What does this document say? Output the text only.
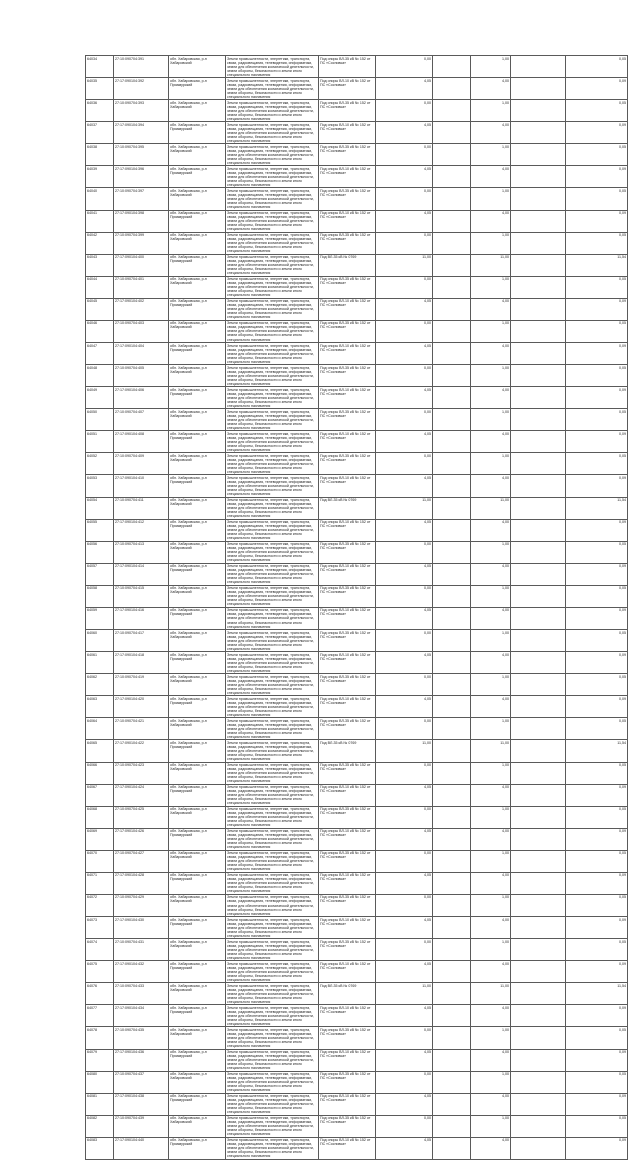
64034	27:10:090704:391	обл. Хабаровская, р-н Хабаровский	Земли промышленности, энергетики, транспорта, связи, радиовещания, телевидения, информатики, земли для обеспечения космической деятельности, земли обороны, безопасности и земли иного специального назначения	Под опоры ВЛ-35 кВ № 152 от ПС «Сосновка»	0,00		1,00		0,05
64035	27:17:090104:392	обл. Хабаровская, р-н Приамурский	Земли промышленности, энергетики, транспорта, связи, радиовещания, телевидения, информатики, земли для обеспечения космической деятельности, земли обороны, безопасности и земли иного специального назначения	Под опоры ВЛ-10 кВ № 152 от ПС «Сосновка»	4,05		4,00		0,09
64036	27:10:090704:393	обл. Хабаровская, р-н Хабаровский	Земли промышленности, энергетики, транспорта, связи, радиовещания, телевидения, информатики, земли для обеспечения космической деятельности, земли обороны, безопасности и земли иного специального назначения	Под опоры ВЛ-35 кВ № 152 от ПС «Сосновка»	0,00		1,00		0,05
64037	27:17:090104:394	обл. Хабаровская, р-н Приамурский	Земли промышленности, энергетики, транспорта, связи, радиовещания, телевидения, информатики, земли для обеспечения космической деятельности, земли обороны, безопасности и земли иного специального назначения	Под опоры ВЛ-10 кВ № 152 от ПС «Сосновка»	4,05		4,00		0,09
64038	27:10:090704:395	обл. Хабаровская, р-н Хабаровский	Земли промышленности, энергетики, транспорта, связи, радиовещания, телевидения, информатики, земли для обеспечения космической деятельности, земли обороны, безопасности и земли иного специального назначения	Под опоры ВЛ-35 кВ № 152 от ПС «Сосновка»	0,00		1,00		0,05
64039	27:17:090104:396	обл. Хабаровская, р-н Приамурский	Земли промышленности, энергетики, транспорта, связи, радиовещания, телевидения, информатики, земли для обеспечения космической деятельности, земли обороны, безопасности и земли иного специального назначения	Под опоры ВЛ-10 кВ № 152 от ПС «Сосновка»	4,05		4,00		0,09
64040	27:10:090704:397	обл. Хабаровская, р-н Хабаровский	Земли промышленности, энергетики, транспорта, связи, радиовещания, телевидения, информатики, земли для обеспечения космической деятельности, земли обороны, безопасности и земли иного специального назначения	Под опоры ВЛ-35 кВ № 152 от ПС «Сосновка»	0,00		1,00		0,05
64041	27:17:090104:398	обл. Хабаровская, р-н Приамурский	Земли промышленности, энергетики, транспорта, связи, радиовещания, телевидения, информатики, земли для обеспечения космической деятельности, земли обороны, безопасности и земли иного специального назначения	Под опоры ВЛ-10 кВ № 152 от ПС «Сосновка»	4,05		4,00		0,09
64042	27:10:090704:399	обл. Хабаровская, р-н Хабаровский	Земли промышленности, энергетики, транспорта, связи, радиовещания, телевидения, информатики, земли для обеспечения космической деятельности, земли обороны, безопасности и земли иного специального назначения	Под опоры ВЛ-35 кВ № 152 от ПС «Сосновка»	0,00		1,00		0,05
64043	27:17:090104:400	обл. Хабаровская, р-н Приамурский	Земли промышленности, энергетики, транспорта, связи, радиовещания, телевидения, информатики, земли для обеспечения космической деятельности, земли обороны, безопасности и земли иного специального назначения	Под ВЛ-35 кВ № 0769	11,00		11,00		11,54
64044	27:10:090704:401	обл. Хабаровская, р-н Хабаровский	Земли промышленности, энергетики, транспорта, связи, радиовещания, телевидения, информатики, земли для обеспечения космической деятельности, земли обороны, безопасности и земли иного специального назначения	Под опоры ВЛ-35 кВ № 152 от ПС «Сосновка»	0,00		1,00		0,05
64045	27:17:090104:402	обл. Хабаровская, р-н Приамурский	Земли промышленности, энергетики, транспорта, связи, радиовещания, телевидения, информатики, земли для обеспечения космической деятельности, земли обороны, безопасности и земли иного специального назначения	Под опоры ВЛ-10 кВ № 152 от ПС «Сосновка»	4,05		4,00		0,09
64046	27:10:090704:403	обл. Хабаровская, р-н Хабаровский	Земли промышленности, энергетики, транспорта, связи, радиовещания, телевидения, информатики, земли для обеспечения космической деятельности, земли обороны, безопасности и земли иного специального назначения	Под опоры ВЛ-35 кВ № 152 от ПС «Сосновка»	0,00		1,00		0,05
64047	27:17:090104:404	обл. Хабаровская, р-н Приамурский	Земли промышленности, энергетики, транспорта, связи, радиовещания, телевидения, информатики, земли для обеспечения космической деятельности, земли обороны, безопасности и земли иного специального назначения	Под опоры ВЛ-10 кВ № 152 от ПС «Сосновка»	4,05		4,00		0,09
64048	27:10:090704:405	обл. Хабаровская, р-н Хабаровский	Земли промышленности, энергетики, транспорта, связи, радиовещания, телевидения, информатики, земли для обеспечения космической деятельности, земли обороны, безопасности и земли иного специального назначения	Под опоры ВЛ-35 кВ № 152 от ПС «Сосновка»	0,00		1,00		0,05
64049	27:17:090104:406	обл. Хабаровская, р-н Приамурский	Земли промышленности, энергетики, транспорта, связи, радиовещания, телевидения, информатики, земли для обеспечения космической деятельности, земли обороны, безопасности и земли иного специального назначения	Под опоры ВЛ-10 кВ № 152 от ПС «Сосновка»	4,05		4,00		0,09
64050	27:10:090704:407	обл. Хабаровская, р-н Хабаровский	Земли промышленности, энергетики, транспорта, связи, радиовещания, телевидения, информатики, земли для обеспечения космической деятельности, земли обороны, безопасности и земли иного специального назначения	Под опоры ВЛ-35 кВ № 152 от ПС «Сосновка»	0,00		1,00		0,05
64051	27:17:090104:408	обл. Хабаровская, р-н Приамурский	Земли промышленности, энергетики, транспорта, связи, радиовещания, телевидения, информатики, земли для обеспечения космической деятельности, земли обороны, безопасности и земли иного специального назначения	Под опоры ВЛ-10 кВ № 152 от ПС «Сосновка»	4,05		4,00		0,09
64052	27:10:090704:409	обл. Хабаровская, р-н Хабаровский	Земли промышленности, энергетики, транспорта, связи, радиовещания, телевидения, информатики, земли для обеспечения космической деятельности, земли обороны, безопасности и земли иного специального назначения	Под опоры ВЛ-35 кВ № 152 от ПС «Сосновка»	0,00		1,00		0,05
64053	27:17:090104:410	обл. Хабаровская, р-н Приамурский	Земли промышленности, энергетики, транспорта, связи, радиовещания, телевидения, информатики, земли для обеспечения космической деятельности, земли обороны, безопасности и земли иного специального назначения	Под опоры ВЛ-10 кВ № 152 от ПС «Сосновка»	4,05		4,00		0,09
64054	27:10:090704:411	обл. Хабаровская, р-н Хабаровский	Земли промышленности, энергетики, транспорта, связи, радиовещания, телевидения, информатики, земли для обеспечения космической деятельности, земли обороны, безопасности и земли иного специального назначения	Под ВЛ-35 кВ № 0769	11,00		11,00		11,54
64055	27:17:090104:412	обл. Хабаровская, р-н Приамурский	Земли промышленности, энергетики, транспорта, связи, радиовещания, телевидения, информатики, земли для обеспечения космической деятельности, земли обороны, безопасности и земли иного специального назначения	Под опоры ВЛ-10 кВ № 152 от ПС «Сосновка»	4,05		4,00		0,09
64056	27:10:090704:413	обл. Хабаровская, р-н Хабаровский	Земли промышленности, энергетики, транспорта, связи, радиовещания, телевидения, информатики, земли для обеспечения космической деятельности, земли обороны, безопасности и земли иного специального назначения	Под опоры ВЛ-35 кВ № 152 от ПС «Сосновка»	0,00		1,00		0,05
64057	27:17:090104:414	обл. Хабаровская, р-н Приамурский	Земли промышленности, энергетики, транспорта, связи, радиовещания, телевидения, информатики, земли для обеспечения космической деятельности, земли обороны, безопасности и земли иного специального назначения	Под опоры ВЛ-10 кВ № 152 от ПС «Сосновка»	4,05		4,00		0,09
64058	27:10:090704:415	обл. Хабаровская, р-н Хабаровский	Земли промышленности, энергетики, транспорта, связи, радиовещания, телевидения, информатики, земли для обеспечения космической деятельности, земли обороны, безопасности и земли иного специального назначения	Под опоры ВЛ-35 кВ № 152 от ПС «Сосновка»	0,00		1,00		0,05
64059	27:17:090104:416	обл. Хабаровская, р-н Приамурский	Земли промышленности, энергетики, транспорта, связи, радиовещания, телевидения, информатики, земли для обеспечения космической деятельности, земли обороны, безопасности и земли иного специального назначения	Под опоры ВЛ-10 кВ № 152 от ПС «Сосновка»	4,05		4,00		0,09
64060	27:10:090704:417	обл. Хабаровская, р-н Хабаровский	Земли промышленности, энергетики, транспорта, связи, радиовещания, телевидения, информатики, земли для обеспечения космической деятельности, земли обороны, безопасности и земли иного специального назначения	Под опоры ВЛ-35 кВ № 152 от ПС «Сосновка»	0,00		1,00		0,05
64061	27:17:090104:418	обл. Хабаровская, р-н Приамурский	Земли промышленности, энергетики, транспорта, связи, радиовещания, телевидения, информатики, земли для обеспечения космической деятельности, земли обороны, безопасности и земли иного специального назначения	Под опоры ВЛ-10 кВ № 152 от ПС «Сосновка»	4,05		4,00		0,09
64062	27:10:090704:419	обл. Хабаровская, р-н Хабаровский	Земли промышленности, энергетики, транспорта, связи, радиовещания, телевидения, информатики, земли для обеспечения космической деятельности, земли обороны, безопасности и земли иного специального назначения	Под опоры ВЛ-35 кВ № 152 от ПС «Сосновка»	0,00		1,00		0,05
64063	27:17:090104:420	обл. Хабаровская, р-н Приамурский	Земли промышленности, энергетики, транспорта, связи, радиовещания, телевидения, информатики, земли для обеспечения космической деятельности, земли обороны, безопасности и земли иного специального назначения	Под опоры ВЛ-10 кВ № 152 от ПС «Сосновка»	4,05		4,00		0,09
64064	27:10:090704:421	обл. Хабаровская, р-н Хабаровский	Земли промышленности, энергетики, транспорта, связи, радиовещания, телевидения, информатики, земли для обеспечения космической деятельности, земли обороны, безопасности и земли иного специального назначения	Под опоры ВЛ-35 кВ № 152 от ПС «Сосновка»	0,00		1,00		0,05
64065	27:17:090104:422	обл. Хабаровская, р-н Приамурский	Земли промышленности, энергетики, транспорта, связи, радиовещания, телевидения, информатики, земли для обеспечения космической деятельности, земли обороны, безопасности и земли иного специального назначения	Под ВЛ-35 кВ № 0769	11,00		11,00		11,54
64066	27:10:090704:423	обл. Хабаровская, р-н Хабаровский	Земли промышленности, энергетики, транспорта, связи, радиовещания, телевидения, информатики, земли для обеспечения космической деятельности, земли обороны, безопасности и земли иного специального назначения	Под опоры ВЛ-35 кВ № 152 от ПС «Сосновка»	0,00		1,00		0,05
64067	27:17:090104:424	обл. Хабаровская, р-н Приамурский	Земли промышленности, энергетики, транспорта, связи, радиовещания, телевидения, информатики, земли для обеспечения космической деятельности, земли обороны, безопасности и земли иного специального назначения	Под опоры ВЛ-10 кВ № 152 от ПС «Сосновка»	4,05		4,00		0,09
64068	27:10:090704:425	обл. Хабаровская, р-н Хабаровский	Земли промышленности, энергетики, транспорта, связи, радиовещания, телевидения, информатики, земли для обеспечения космической деятельности, земли обороны, безопасности и земли иного специального назначения	Под опоры ВЛ-35 кВ № 152 от ПС «Сосновка»	0,00		1,00		0,05
64069	27:17:090104:426	обл. Хабаровская, р-н Приамурский	Земли промышленности, энергетики, транспорта, связи, радиовещания, телевидения, информатики, земли для обеспечения космической деятельности, земли обороны, безопасности и земли иного специального назначения	Под опоры ВЛ-10 кВ № 152 от ПС «Сосновка»	4,05		4,00		0,09
64070	27:10:090704:427	обл. Хабаровская, р-н Хабаровский	Земли промышленности, энергетики, транспорта, связи, радиовещания, телевидения, информатики, земли для обеспечения космической деятельности, земли обороны, безопасности и земли иного специального назначения	Под опоры ВЛ-35 кВ № 152 от ПС «Сосновка»	0,00		1,00		0,05
64071	27:17:090104:428	обл. Хабаровская, р-н Приамурский	Земли промышленности, энергетики, транспорта, связи, радиовещания, телевидения, информатики, земли для обеспечения космической деятельности, земли обороны, безопасности и земли иного специального назначения	Под опоры ВЛ-10 кВ № 152 от ПС «Сосновка»	4,05		4,00		0,09
64072	27:10:090704:429	обл. Хабаровская, р-н Хабаровский	Земли промышленности, энергетики, транспорта, связи, радиовещания, телевидения, информатики, земли для обеспечения космической деятельности, земли обороны, безопасности и земли иного специального назначения	Под опоры ВЛ-35 кВ № 152 от ПС «Сосновка»	0,00		1,00		0,05
64073	27:17:090104:430	обл. Хабаровская, р-н Приамурский	Земли промышленности, энергетики, транспорта, связи, радиовещания, телевидения, информатики, земли для обеспечения космической деятельности, земли обороны, безопасности и земли иного специального назначения	Под опоры ВЛ-10 кВ № 152 от ПС «Сосновка»	4,05		4,00		0,09
64074	27:10:090704:431	обл. Хабаровская, р-н Хабаровский	Земли промышленности, энергетики, транспорта, связи, радиовещания, телевидения, информатики, земли для обеспечения космической деятельности, земли обороны, безопасности и земли иного специального назначения	Под опоры ВЛ-35 кВ № 152 от ПС «Сосновка»	0,00		1,00		0,05
64075	27:17:090104:432	обл. Хабаровская, р-н Приамурский	Земли промышленности, энергетики, транспорта, связи, радиовещания, телевидения, информатики, земли для обеспечения космической деятельности, земли обороны, безопасности и земли иного специального назначения	Под опоры ВЛ-10 кВ № 152 от ПС «Сосновка»	4,05		4,00		0,09
64076	27:10:090704:433	обл. Хабаровская, р-н Хабаровский	Земли промышленности, энергетики, транспорта, связи, радиовещания, телевидения, информатики, земли для обеспечения космической деятельности, земли обороны, безопасности и земли иного специального назначения	Под ВЛ-35 кВ № 0769	11,00		11,00		11,54
64077	27:17:090104:434	обл. Хабаровская, р-н Приамурский	Земли промышленности, энергетики, транспорта, связи, радиовещания, телевидения, информатики, земли для обеспечения космической деятельности, земли обороны, безопасности и земли иного специального назначения	Под опоры ВЛ-10 кВ № 152 от ПС «Сосновка»	4,05		4,00		0,09
64078	27:10:090704:435	обл. Хабаровская, р-н Хабаровский	Земли промышленности, энергетики, транспорта, связи, радиовещания, телевидения, информатики, земли для обеспечения космической деятельности, земли обороны, безопасности и земли иного специального назначения	Под опоры ВЛ-35 кВ № 152 от ПС «Сосновка»	0,00		1,00		0,05
64079	27:17:090104:436	обл. Хабаровская, р-н Приамурский	Земли промышленности, энергетики, транспорта, связи, радиовещания, телевидения, информатики, земли для обеспечения космической деятельности, земли обороны, безопасности и земли иного специального назначения	Под опоры ВЛ-10 кВ № 152 от ПС «Сосновка»	4,05		4,00		0,09
64080	27:10:090704:437	обл. Хабаровская, р-н Хабаровский	Земли промышленности, энергетики, транспорта, связи, радиовещания, телевидения, информатики, земли для обеспечения космической деятельности, земли обороны, безопасности и земли иного специального назначения	Под опоры ВЛ-35 кВ № 152 от ПС «Сосновка»	0,00		1,00		0,05
64081	27:17:090104:438	обл. Хабаровская, р-н Приамурский	Земли промышленности, энергетики, транспорта, связи, радиовещания, телевидения, информатики, земли для обеспечения космической деятельности, земли обороны, безопасности и земли иного специального назначения	Под опоры ВЛ-10 кВ № 152 от ПС «Сосновка»	4,05		4,00		0,09
64082	27:10:090704:439	обл. Хабаровская, р-н Хабаровский	Земли промышленности, энергетики, транспорта, связи, радиовещания, телевидения, информатики, земли для обеспечения космической деятельности, земли обороны, безопасности и земли иного специального назначения	Под опоры ВЛ-35 кВ № 152 от ПС «Сосновка»	0,00		1,00		0,05
64083	27:17:090104:440	обл. Хабаровская, р-н Приамурский	Земли промышленности, энергетики, транспорта, связи, радиовещания, телевидения, информатики, земли для обеспечения космической деятельности, земли обороны, безопасности и земли иного специального назначения	Под опоры ВЛ-10 кВ № 152 от ПС «Сосновка»	4,05		4,00		0,09
